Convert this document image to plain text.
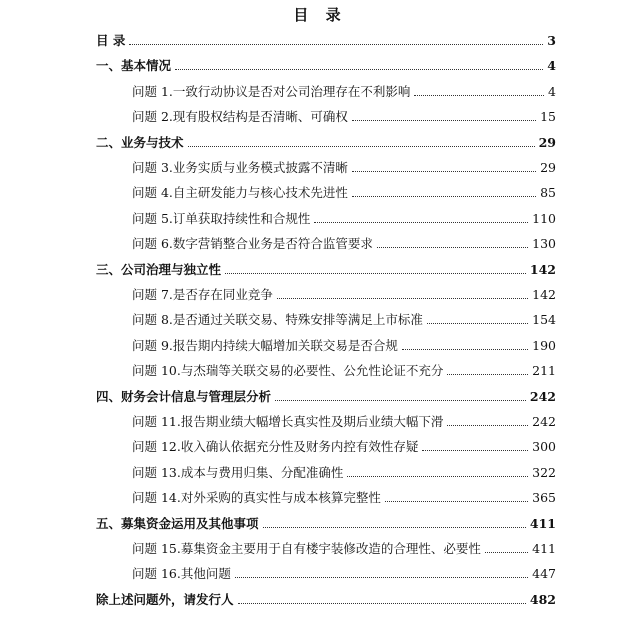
目 录
目 录	3
一、基本情况	4
问题 1.一致行动协议是否对公司治理存在不利影响	4
问题 2.现有股权结构是否清晰、可确权	15
二、业务与技术	29
问题 3.业务实质与业务模式披露不清晰	29
问题 4.自主研发能力与核心技术先进性	85
问题 5.订单获取持续性和合规性	110
问题 6.数字营销整合业务是否符合监管要求	130
三、公司治理与独立性	142
问题 7.是否存在同业竞争	142
问题 8.是否通过关联交易、特殊安排等满足上市标准	154
问题 9.报告期内持续大幅增加关联交易是否合规	190
问题 10.与杰瑞等关联交易的必要性、公允性论证不充分	211
四、财务会计信息与管理层分析	242
问题 11.报告期业绩大幅增长真实性及期后业绩大幅下滑	242
问题 12.收入确认依据充分性及财务内控有效性存疑	300
问题 13.成本与费用归集、分配准确性	322
问题 14.对外采购的真实性与成本核算完整性	365
五、募集资金运用及其他事项	411
问题 15.募集资金主要用于自有楼宇装修改造的合理性、必要性	411
问题 16.其他问题	447
除上述问题外，请发行人	482
